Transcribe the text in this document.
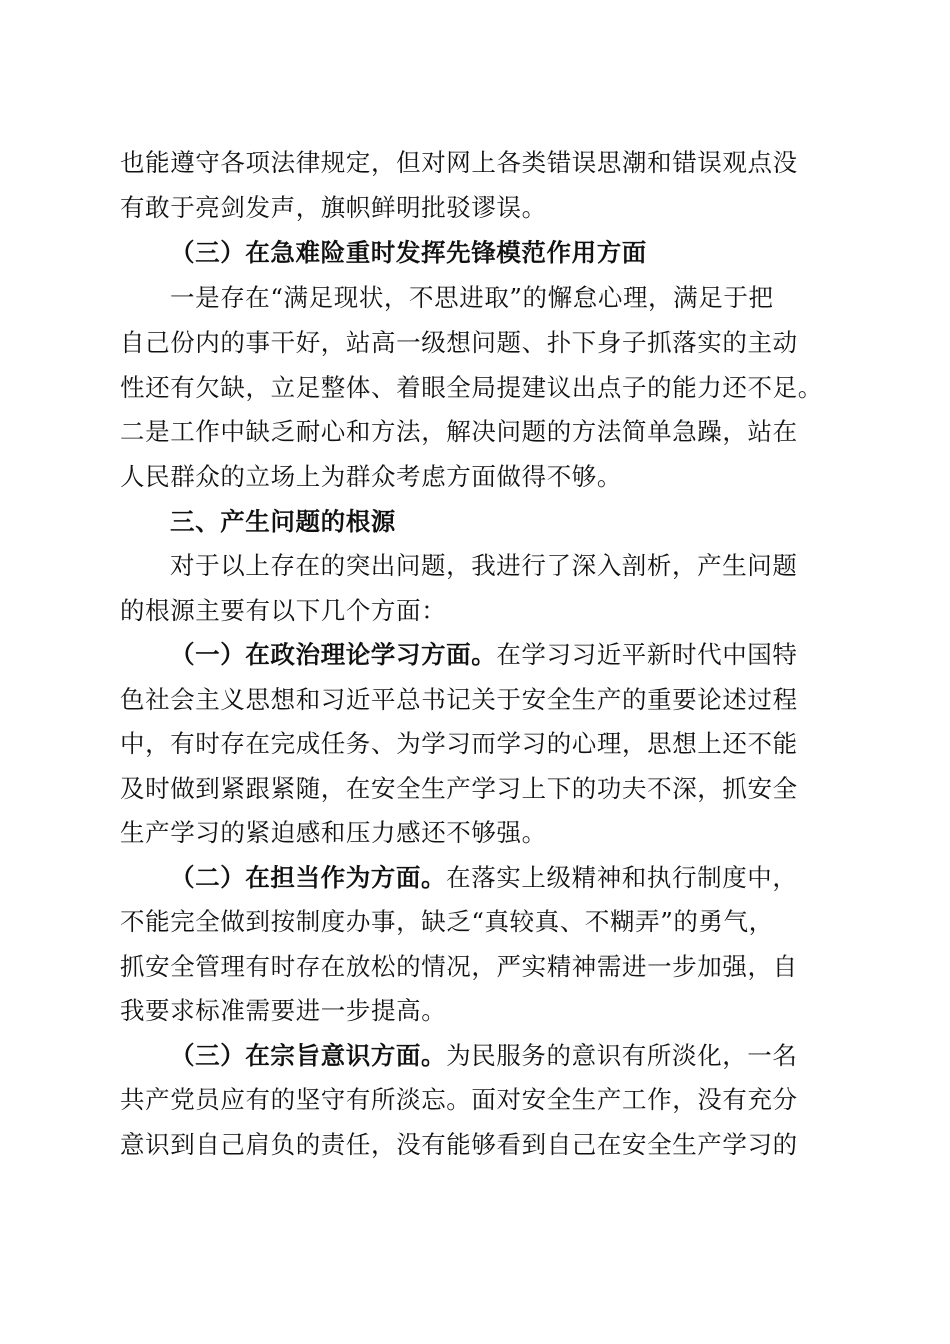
也能遵守各项法律规定，但对网上各类错误思潮和错误观点没
有敢于亮剑发声，旗帜鲜明批驳谬误。
（三）在急难险重时发挥先锋模范作用方面
一是存在“满足现状，不思进取”的懈怠心理，满足于把
自己份内的事干好，站高一级想问题、扑下身子抓落实的主动
性还有欠缺，立足整体、着眼全局提建议出点子的能力还不足。
二是工作中缺乏耐心和方法，解决问题的方法简单急躁，站在
人民群众的立场上为群众考虑方面做得不够。
三、产生问题的根源
对于以上存在的突出问题，我进行了深入剖析，产生问题
的根源主要有以下几个方面：
（一）在政治理论学习方面。在学习习近平新时代中国特
色社会主义思想和习近平总书记关于安全生产的重要论述过程
中，有时存在完成任务、为学习而学习的心理，思想上还不能
及时做到紧跟紧随，在安全生产学习上下的功夫不深，抓安全
生产学习的紧迫感和压力感还不够强。
（二）在担当作为方面。在落实上级精神和执行制度中，
不能完全做到按制度办事，缺乏“真较真、不糊弄”的勇气，
抓安全管理有时存在放松的情况，严实精神需进一步加强，自
我要求标准需要进一步提高。
（三）在宗旨意识方面。为民服务的意识有所淡化，一名
共产党员应有的坚守有所淡忘。面对安全生产工作，没有充分
意识到自己肩负的责任，没有能够看到自己在安全生产学习的
